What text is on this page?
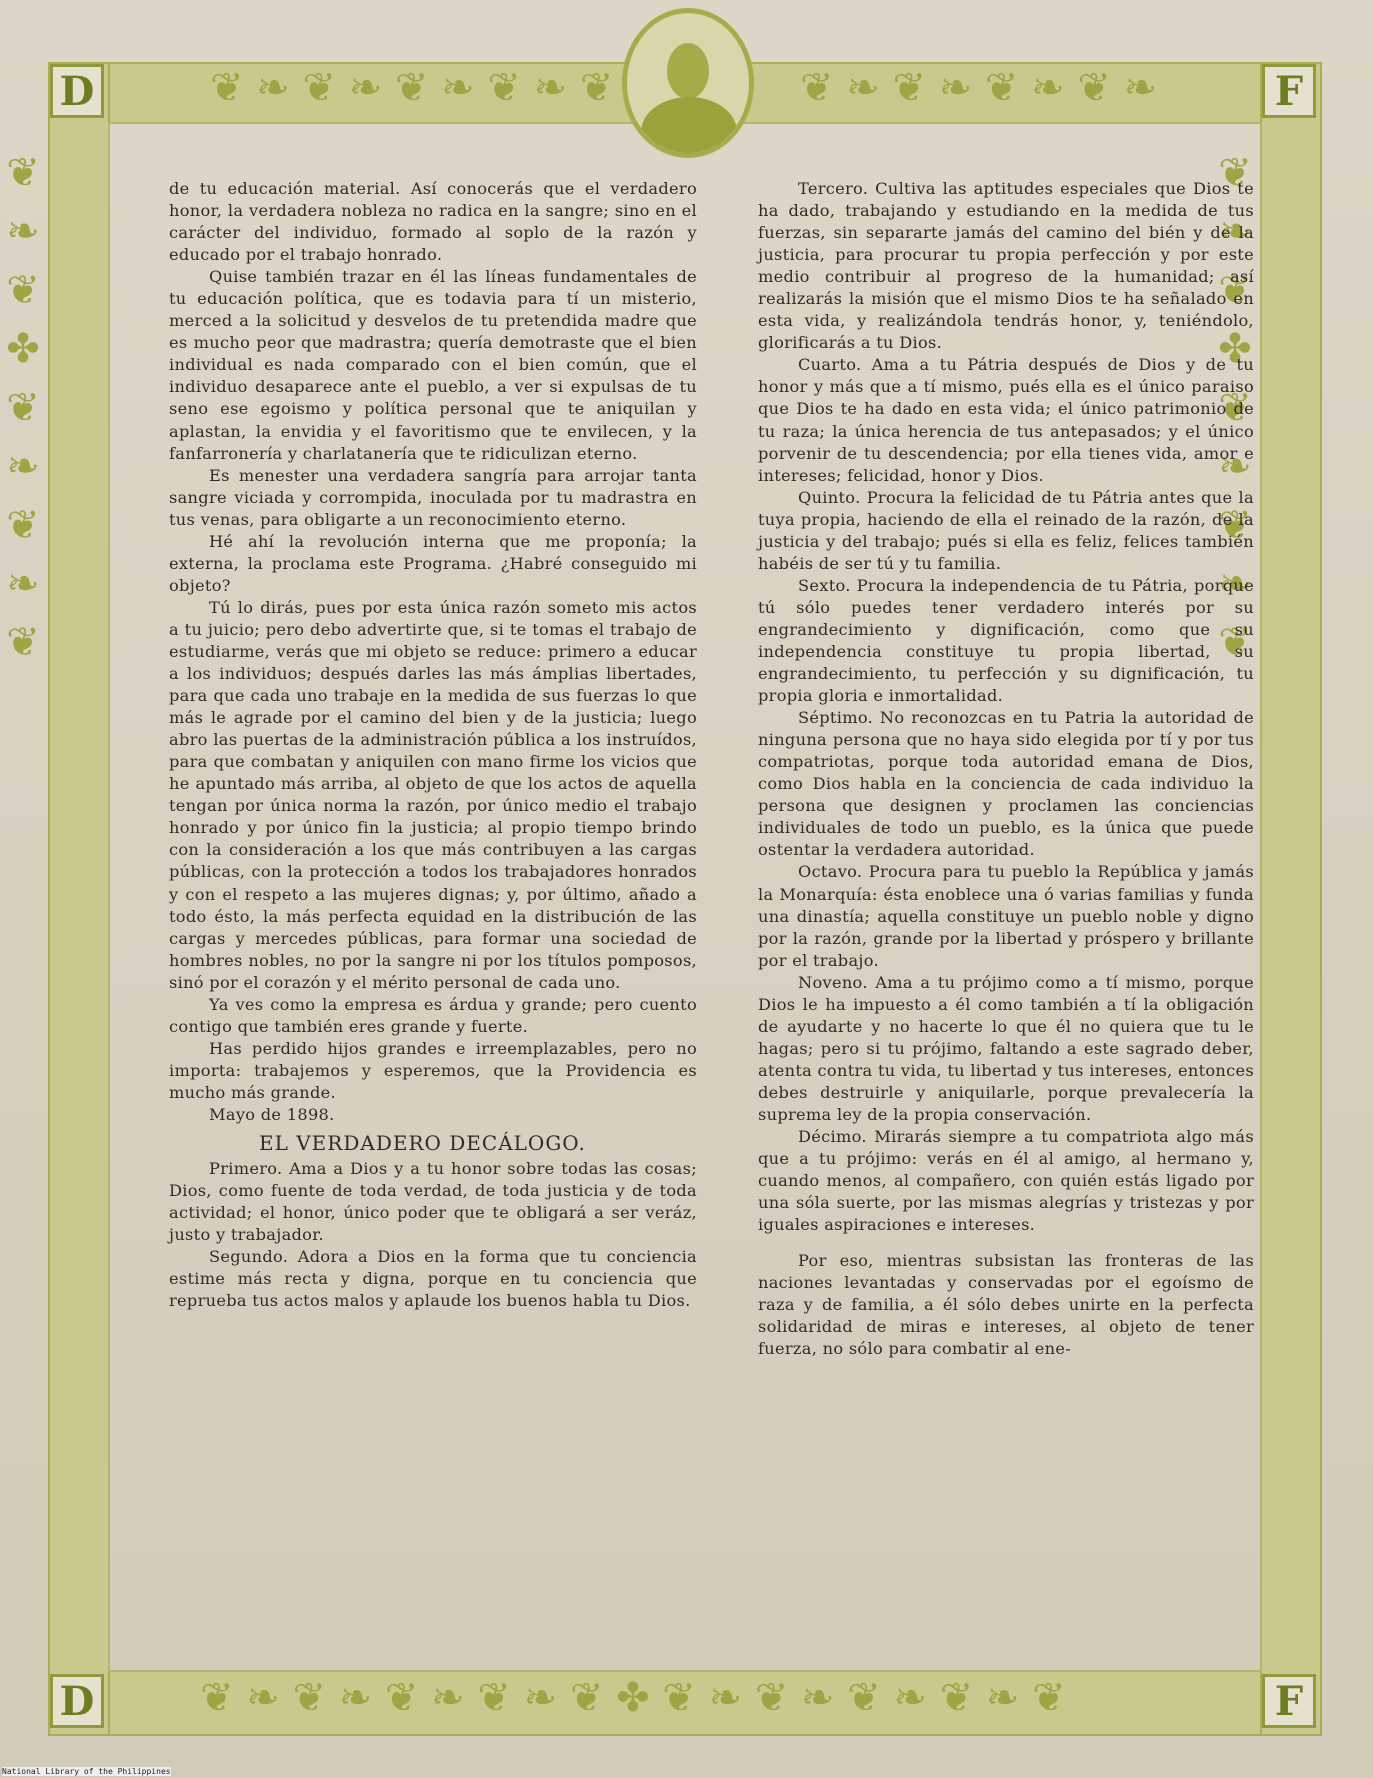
❦ ❧ ❦ ❧ ❦ ❧ ❦ ❧ ❦	❦ ❧ ❦ ❧ ❦ ❧ ❦ ❧
❦ ❧ ❦ ❧ ❦ ❧ ❦ ❧ ❦ ✤ ❦ ❧ ❦ ❧ ❦ ❧ ❦ ❧ ❦
❦ ❧ ❦ ✤ ❦ ❧ ❦ ❧ ❦
D	F
D	F

de tu educación material. Así conocerás que el verdadero honor, la verdadera nobleza no radica en la sangre; sino en el carácter del individuo, formado al soplo de la razón y educado por el trabajo honrado.

Quise también trazar en él las líneas fundamentales de tu educación política, que es todavia para tí un misterio, merced a la solicitud y desvelos de tu pretendida madre que es mucho peor que madrastra; quería demotraste que el bien individual es nada comparado con el bien común, que el individuo desaparece ante el pueblo, a ver si expulsas de tu seno ese egoismo y política personal que te aniquilan y aplastan, la envidia y el favoritismo que te envilecen, y la fanfarronería y charlatanería que te ridiculizan eterno.

Es menester una verdadera sangría para arrojar tanta sangre viciada y corrompida, inoculada por tu madrastra en tus venas, para obligarte a un reconocimiento eterno.

Hé ahí la revolución interna que me proponía; la externa, la proclama este Programa. ¿Habré conseguido mi objeto?

Tú lo dirás, pues por esta única razón someto mis actos a tu juicio; pero debo advertirte que, si te tomas el trabajo de estudiarme, verás que mi objeto se reduce: primero a educar a los individuos; después darles las más ámplias libertades, para que cada uno trabaje en la medida de sus fuerzas lo que más le agrade por el camino del bien y de la justicia; luego abro las puertas de la administración pública a los instruídos, para que combatan y aniquilen con mano firme los vicios que he apuntado más arriba, al objeto de que los actos de aquella tengan por única norma la razón, por único medio el trabajo honrado y por único fin la justicia; al propio tiempo brindo con la consideración a los que más contribuyen a las cargas públicas, con la protección a todos los trabajadores honrados y con el respeto a las mujeres dignas; y, por último, añado a todo ésto, la más perfecta equidad en la distribución de las cargas y mercedes públicas, para formar una sociedad de hombres nobles, no por la sangre ni por los títulos pomposos, sinó por el corazón y el mérito personal de cada uno.

Ya ves como la empresa es árdua y grande; pero cuento contigo que también eres grande y fuerte.

Has perdido hijos grandes e irreemplazables, pero no importa: trabajemos y esperemos, que la Providencia es mucho más grande.

Mayo de 1898.

EL VERDADERO DECÁLOGO.

Primero. Ama a Dios y a tu honor sobre todas las cosas; Dios, como fuente de toda verdad, de toda justicia y de toda actividad; el honor, único poder que te obligará a ser veráz, justo y trabajador.

Segundo. Adora a Dios en la forma que tu conciencia estime más recta y digna, porque en tu conciencia que reprueba tus actos malos y aplaude los buenos habla tu Dios.

Tercero. Cultiva las aptitudes especiales que Dios te ha dado, trabajando y estudiando en la medida de tus fuerzas, sin separarte jamás del camino del bién y de la justicia, para procurar tu propia perfección y por este medio contribuir al progreso de la humanidad; así realizarás la misión que el mismo Dios te ha señalado en esta vida, y realizándola tendrás honor, y, teniéndolo, glorificarás a tu Dios.

Cuarto. Ama a tu Pátria después de Dios y de tu honor y más que a tí mismo, pués ella es el único paraiso que Dios te ha dado en esta vida; el único patrimonio de tu raza; la única herencia de tus antepasados; y el único porvenir de tu descendencia; por ella tienes vida, amor e intereses; felicidad, honor y Dios.

Quinto. Procura la felicidad de tu Pátria antes que la tuya propia, haciendo de ella el reinado de la razón, de la justicia y del trabajo; pués si ella es feliz, felices también habéis de ser tú y tu familia.

Sexto. Procura la independencia de tu Pátria, porque tú sólo puedes tener verdadero interés por su engrandecimiento y dignificación, como que su independencia constituye tu propia libertad, su engrandecimiento, tu perfección y su dignificación, tu propia gloria e inmortalidad.

Séptimo. No reconozcas en tu Patria la autoridad de ninguna persona que no haya sido elegida por tí y por tus compatriotas, porque toda autoridad emana de Dios, como Dios habla en la conciencia de cada individuo la persona que designen y proclamen las conciencias individuales de todo un pueblo, es la única que puede ostentar la verdadera autoridad.

Octavo. Procura para tu pueblo la República y jamás la Monarquía: ésta enoblece una ó varias familias y funda una dinastía; aquella constituye un pueblo noble y digno por la razón, grande por la libertad y próspero y brillante por el trabajo.

Noveno. Ama a tu prójimo como a tí mismo, porque Dios le ha impuesto a él como también a tí la obligación de ayudarte y no hacerte lo que él no quiera que tu le hagas; pero si tu prójimo, faltando a este sagrado deber, atenta contra tu vida, tu libertad y tus intereses, entonces debes destruirle y aniquilarle, porque prevalecería la suprema ley de la propia conservación.

Décimo. Mirarás siempre a tu compatriota algo más que a tu prójimo: verás en él al amigo, al hermano y, cuando menos, al compañero, con quién estás ligado por una sóla suerte, por las mismas alegrías y tristezas y por iguales aspiraciones e intereses.

Por eso, mientras subsistan las fronteras de las naciones levantadas y conservadas por el egoísmo de raza y de familia, a él sólo debes unirte en la perfecta solidaridad de miras e intereses, al objeto de tener fuerza, no sólo para combatir al ene-

National Library of the Philippines
